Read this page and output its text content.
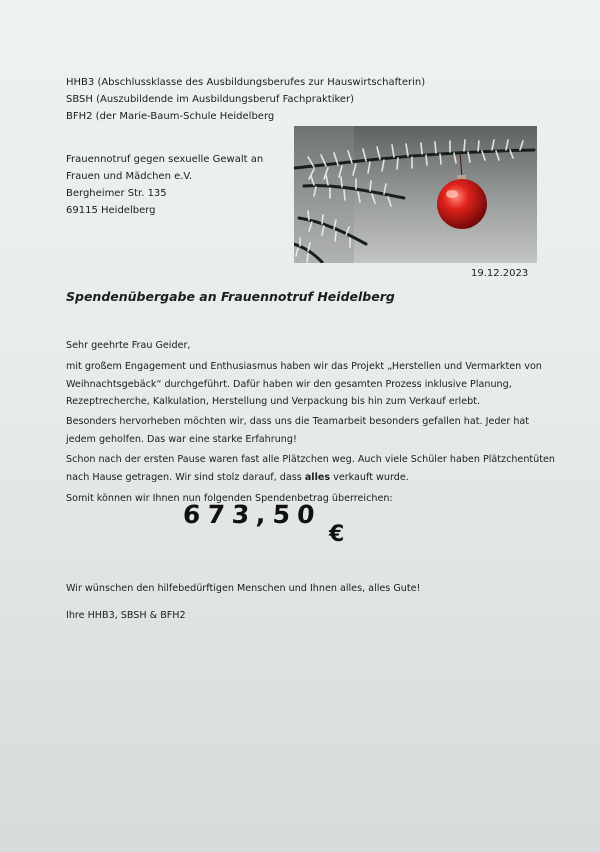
HHB3 (Abschlussklasse des Ausbildungsberufes zur Hauswirtschafterin)
SBSH (Auszubildende im Ausbildungsberuf Fachpraktiker)
BFH2 (der Marie-Baum-Schule Heidelberg
Frauennotruf gegen sexuelle Gewalt an
Frauen und Mädchen e.V.
Bergheimer Str. 135
69115 Heidelberg
19.12.2023
Spendenübergabe an Frauennotruf Heidelberg
Sehr geehrte Frau Geider,
mit großem Engagement und Enthusiasmus haben wir das Projekt „Herstellen und Vermarkten von
Weihnachtsgebäck“ durchgeführt. Dafür haben wir den gesamten Prozess inklusive Planung,
Rezeptrecherche, Kalkulation, Herstellung und Verpackung bis hin zum Verkauf erlebt.
Besonders hervorheben möchten wir, dass uns die Teamarbeit besonders gefallen hat. Jeder hat
jedem geholfen. Das war eine starke Erfahrung!
Schon nach der ersten Pause waren fast alle Plätzchen weg. Auch viele Schüler haben Plätzchentüten
nach Hause getragen. Wir sind stolz darauf, dass alles verkauft wurde.
Somit können wir Ihnen nun folgenden Spendenbetrag überreichen:
673,50
€
Wir wünschen den hilfebedürftigen Menschen und Ihnen alles, alles Gute!
Ihre HHB3, SBSH & BFH2
